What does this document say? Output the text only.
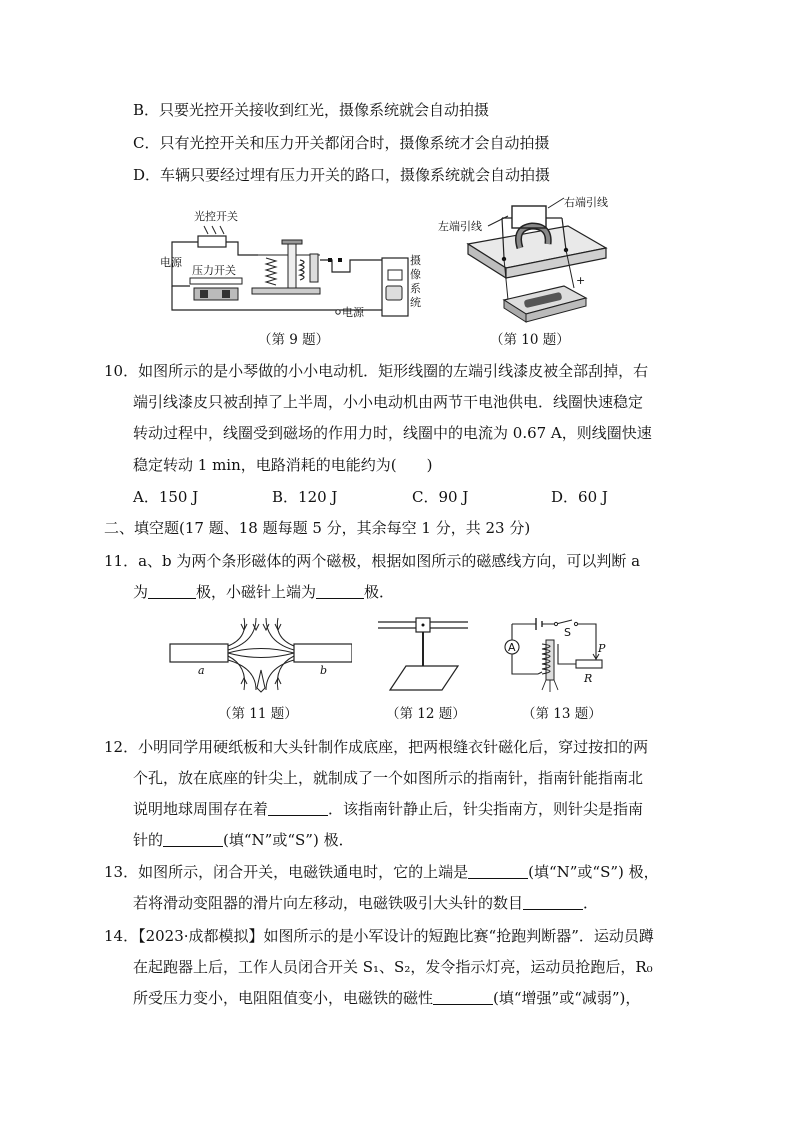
B．只要光控开关接收到红光，摄像系统就会自动拍摄
C．只有光控开关和压力开关都闭合时，摄像系统才会自动拍摄
D．车辆只要经过埋有压力开关的路口，摄像系统就会自动拍摄
光控开关
电源
压力开关
电源
摄
像
系
统
（第 9 题）
左端引线
右端引线
+
（第 10 题）
10．如图所示的是小琴做的小小电动机．矩形线圈的左端引线漆皮被全部刮掉，右
端引线漆皮只被刮掉了上半周，小小电动机由两节干电池供电．线圈快速稳定
转动过程中，线圈受到磁场的作用力时，线圈中的电流为 0.67 A，则线圈快速
稳定转动 1 min，电路消耗的电能约为(　　)
A．150 J	B．120 J	C．90 J	D．60 J
二、填空题(17 题、18 题每题 5 分，其余每空 1 分，共 23 分)
11．a、b 为两个条形磁体的两个磁极，根据如图所示的磁感线方向，可以判断 a
为	极，小磁针上端为	极．
a	b
（第 11 题）	（第 12 题）
A
S
P
R
（第 13 题）
12．小明同学用硬纸板和大头针制作成底座，把两根缝衣针磁化后，穿过按扣的两
个孔，放在底座的针尖上，就制成了一个如图所示的指南针，指南针能指南北
说明地球周围存在着	．该指南针静止后，针尖指南方，则针尖是指南
针的	(填“N”或“S”) 极．
13．如图所示，闭合开关，电磁铁通电时，它的上端是	(填“N”或“S”) 极，
若将滑动变阻器的滑片向左移动，电磁铁吸引大头针的数目	．
14．【2023·成都模拟】如图所示的是小军设计的短跑比赛“抢跑判断器”．运动员蹲
在起跑器上后，工作人员闭合开关 S₁、S₂，发令指示灯亮，运动员抢跑后，R₀
所受压力变小，电阻阻值变小，电磁铁的磁性	(填“增强”或“减弱”)，
